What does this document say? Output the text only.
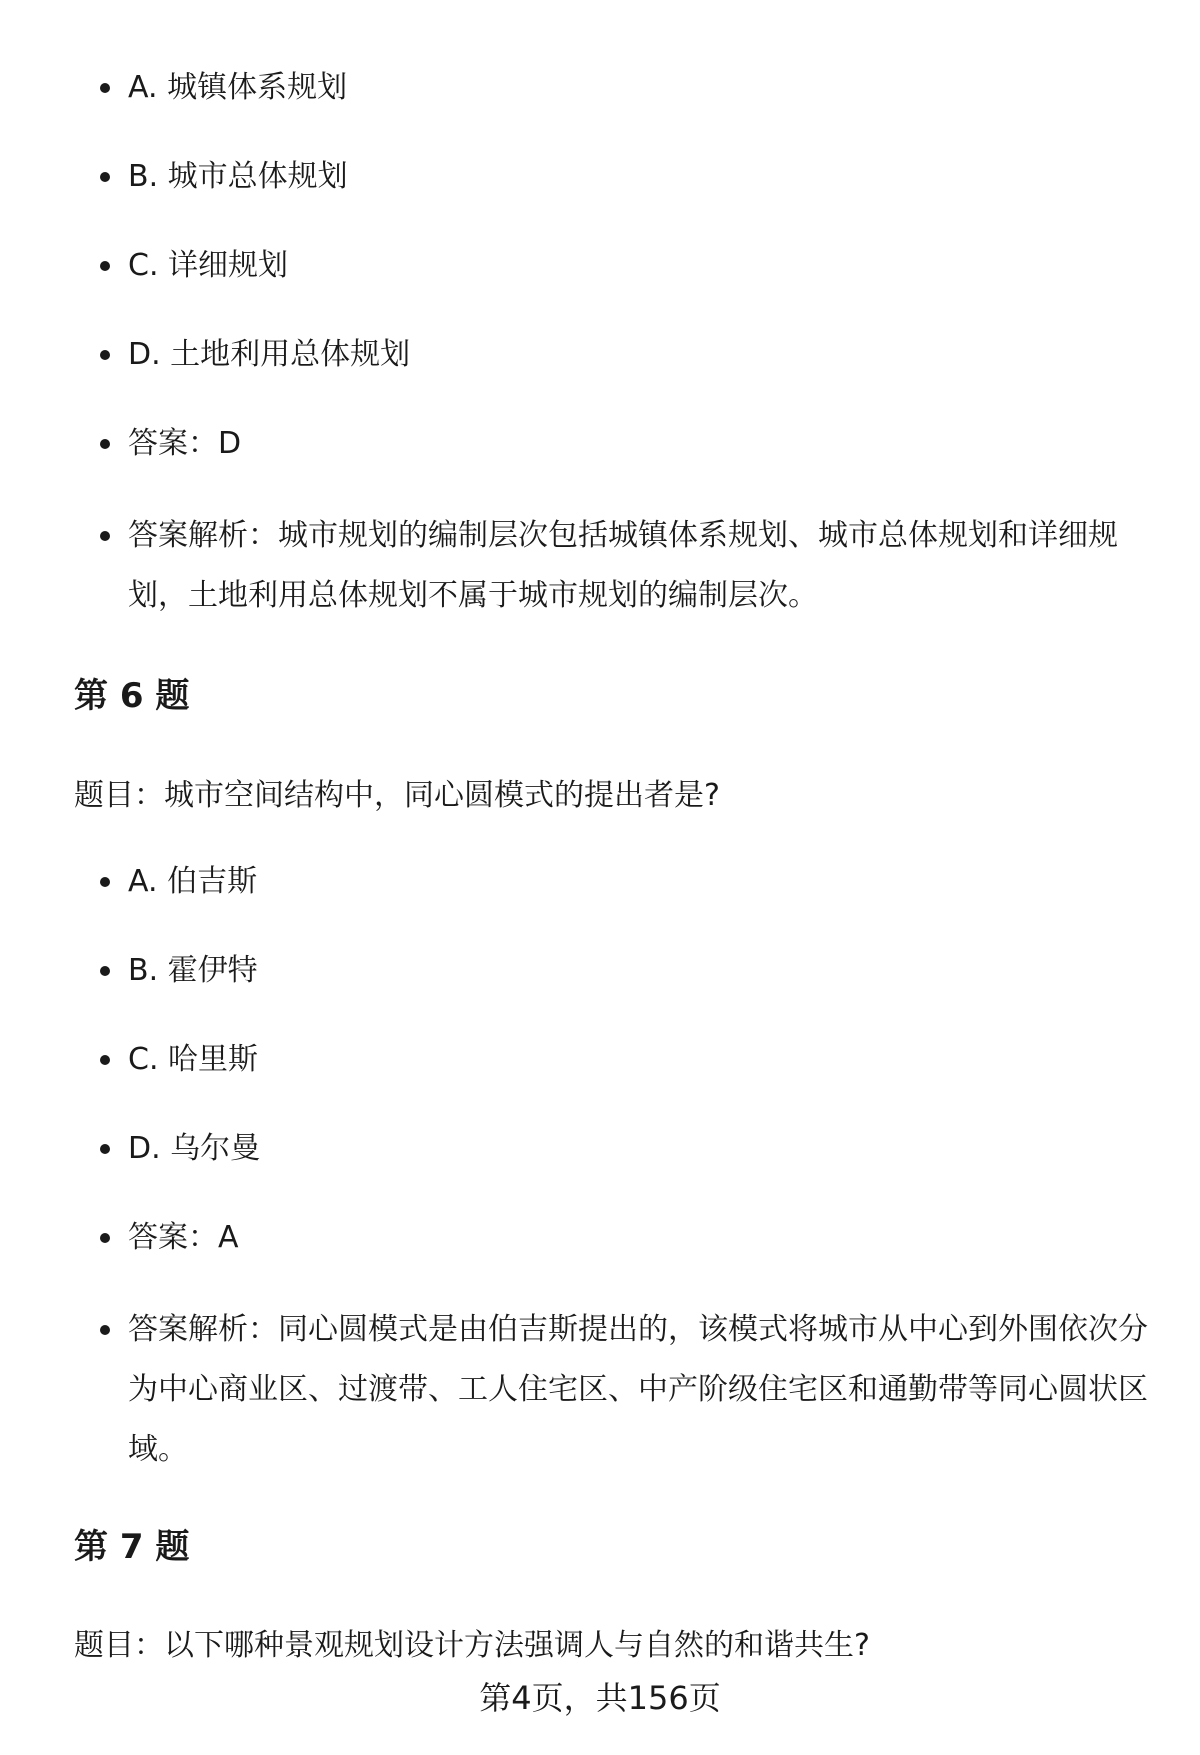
A. 城镇体系规划
B. 城市总体规划
C. 详细规划
D. 土地利用总体规划
答案：D
答案解析：城市规划的编制层次包括城镇体系规划、城市总体规划和详细规划，土地利用总体规划不属于城市规划的编制层次。
第 6 题

题目：城市空间结构中，同心圆模式的提出者是?

A. 伯吉斯
B. 霍伊特
C. 哈里斯
D. 乌尔曼
答案：A
答案解析：同心圆模式是由伯吉斯提出的，该模式将城市从中心到外围依次分为中心商业区、过渡带、工人住宅区、中产阶级住宅区和通勤带等同心圆状区域。
第 7 题

题目：以下哪种景观规划设计方法强调人与自然的和谐共生?

第4页，共156页
